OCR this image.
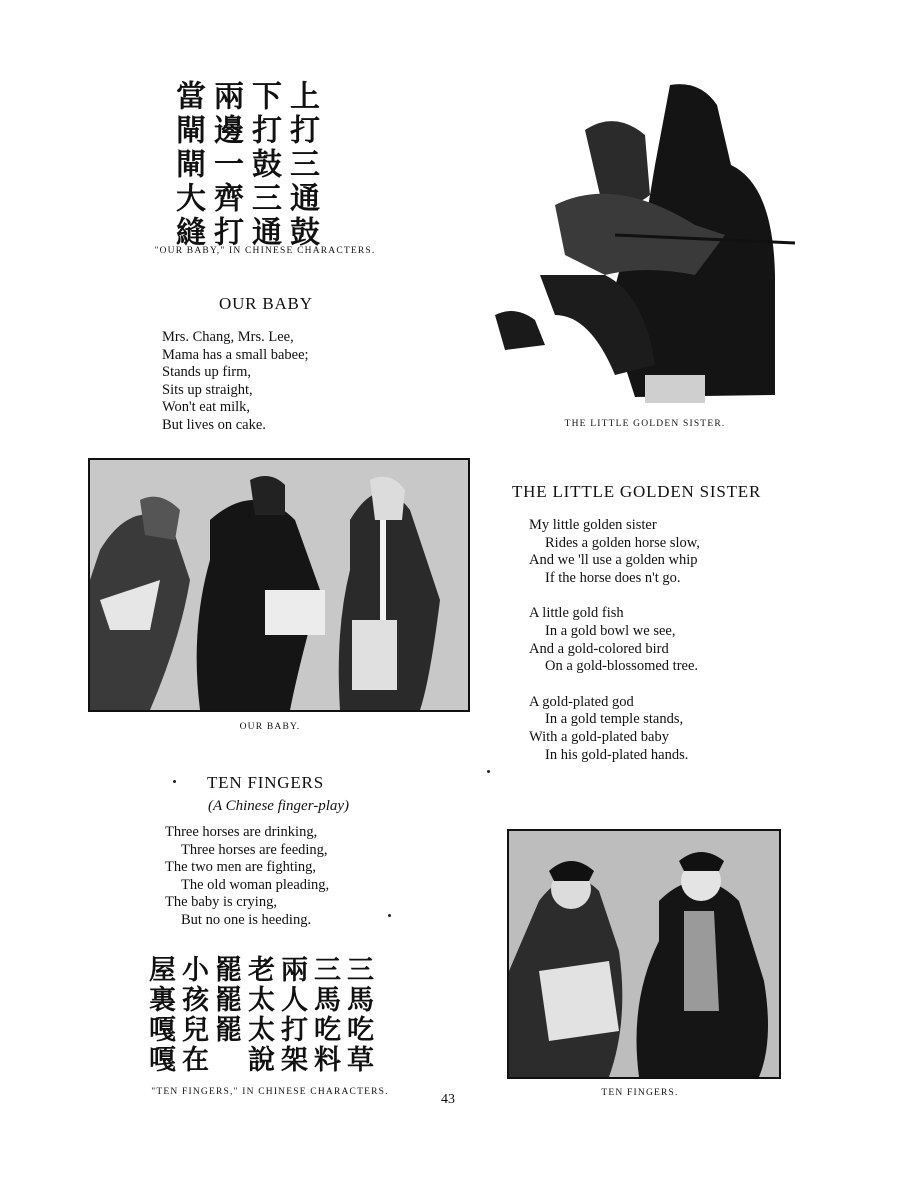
上打三通鼓
下打鼓三通
兩邊一齊打
當閘閘大縫
"OUR BABY," IN CHINESE CHARACTERS.
OUR BABY
Mrs. Chang, Mrs. Lee,
Mama has a small babee;
Stands up firm,
Sits up straight,
Won't eat milk,
But lives on cake.	THE LITTLE GOLDEN SISTER.
OUR BABY.
THE LITTLE GOLDEN SISTER
My little golden sister
Rides a golden horse slow,
And we 'll use a golden whip
If the horse does n't go.
A little gold fish
In a gold bowl we see,
And a gold-colored bird
On a gold-blossomed tree.
A gold-plated god
In a gold temple stands,
With a gold-plated baby
In his gold-plated hands.
TEN FINGERS
(A Chinese finger-play)
Three horses are drinking,
Three horses are feeding,
The two men are fighting,
The old woman pleading,
The baby is crying,
But no one is heeding.
三馬吃草
三馬吃料
兩人打架
老太太說
罷罷罷
小孩兒在
屋裏嘎嘎
"TEN FINGERS," IN CHINESE CHARACTERS.	TEN FINGERS.
43
